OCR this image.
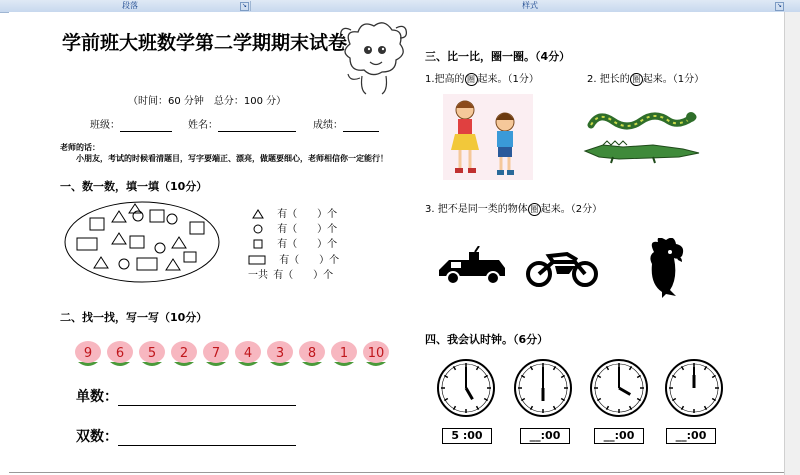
段落	↘	样式	↘
学前班大班数学第二学期期末试卷
（时间：60 分钟　总分：100 分）
班级：	姓名：	成绩：
老师的话：
小朋友，考试的时候看清题目，写字要端正、漂亮，做题要细心，老师相信你一定能行！
一、数一数，填一填（10分）
有（　　）个
有（　　）个
有（　　）个
有（　　）个
一共 有（　　）个
二、找一找，写一写（10分）
9 6 5 2 7 4 3 8 1 10
单数：
双数：
三、比一比，圈一圈。（4分）
1.把高的 圈 起来。（1分）	2. 把长的 圈 起来。（1分）
3. 把不是同一类的物体 圈 起来。（2分）
四、我会认时钟。（6分）
5 :00	__:00	__:00	__:00
